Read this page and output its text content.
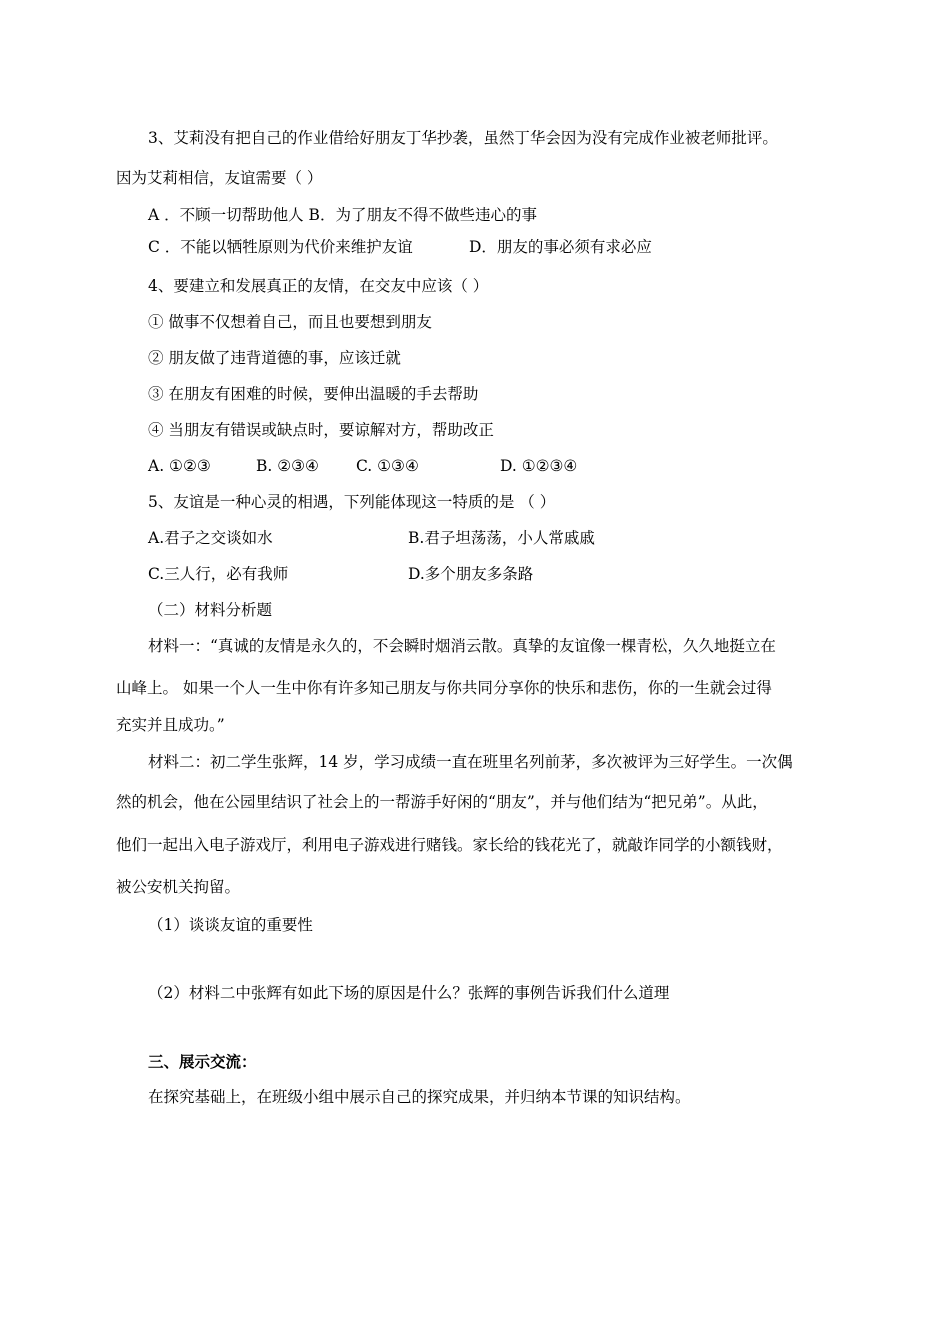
3、艾莉没有把自己的作业借给好朋友丁华抄袭，虽然丁华会因为没有完成作业被老师批评。
因为艾莉相信，友谊需要（ ）
A ．不顾一切帮助他人 B．为了朋友不得不做些违心的事
C ．不能以牺牲原则为代价来维护友谊	D．朋友的事必须有求必应
4、要建立和发展真正的友情，在交友中应该（ ）
① 做事不仅想着自己，而且也要想到朋友
② 朋友做了违背道德的事，应该迁就
③ 在朋友有困难的时候，要伸出温暖的手去帮助
④ 当朋友有错误或缺点时，要谅解对方，帮助改正
A. ①②③	B. ②③④ C. ①③④	D. ①②③④
5、友谊是一种心灵的相遇，下列能体现这一特质的是 （ ）
A.君子之交谈如水	B.君子坦荡荡，小人常戚戚
C.三人行，必有我师	D.多个朋友多条路
（二）材料分析题
材料一：“真诚的友情是永久的，不会瞬时烟消云散。真挚的友谊像一棵青松，久久地挺立在
山峰上。 如果一个人一生中你有许多知己朋友与你共同分享你的快乐和悲伤，你的一生就会过得
充实并且成功。”
材料二：初二学生张辉，14 岁，学习成绩一直在班里名列前茅，多次被评为三好学生。一次偶
然的机会，他在公园里结识了社会上的一帮游手好闲的“朋友”，并与他们结为“把兄弟”。从此，
他们一起出入电子游戏厅，利用电子游戏进行赌钱。家长给的钱花光了，就敲诈同学的小额钱财，
被公安机关拘留。
（1）谈谈友谊的重要性
（2）材料二中张辉有如此下场的原因是什么？张辉的事例告诉我们什么道理
三、展示交流：
在探究基础上，在班级小组中展示自己的探究成果，并归纳本节课的知识结构。
